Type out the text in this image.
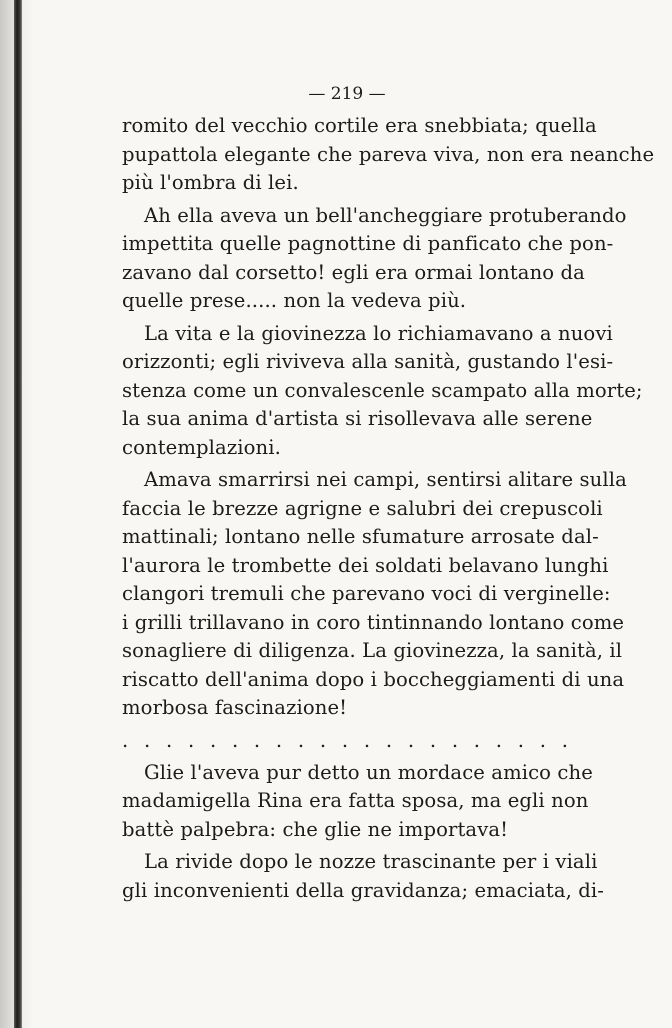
— 219 —
romito del vecchio cortile era snebbiata; quella
pupattola elegante che pareva viva, non era neanche
più l'ombra di lei.
Ah ella aveva un bell'ancheggiare protuberando
impettita quelle pagnottine di panficato che pon-
zavano dal corsetto! egli era ormai lontano da
quelle prese..... non la vedeva più.
La vita e la giovinezza lo richiamavano a nuovi
orizzonti; egli riviveva alla sanità, gustando l'esi-
stenza come un convalescenle scampato alla morte;
la sua anima d'artista si risollevava alle serene
contemplazioni.
Amava smarrirsi nei campi, sentirsi alitare sulla
faccia le brezze agrigne e salubri dei crepuscoli
mattinali; lontano nelle sfumature arrosate dal-
l'aurora le trombette dei soldati belavano lunghi
clangori tremuli che parevano voci di verginelle:
i grilli trillavano in coro tintinnando lontano come
sonagliere di diligenza. La giovinezza, la sanità, il
riscatto dell'anima dopo i boccheggiamenti di una
morbosa fascinazione!
. . . . . . . . . . . . . . . . . . . . .
Glie l'aveva pur detto un mordace amico che
madamigella Rina era fatta sposa, ma egli non
battè palpebra: che glie ne importava!
La rivide dopo le nozze trascinante per i viali
gli inconvenienti della gravidanza; emaciata, di-
